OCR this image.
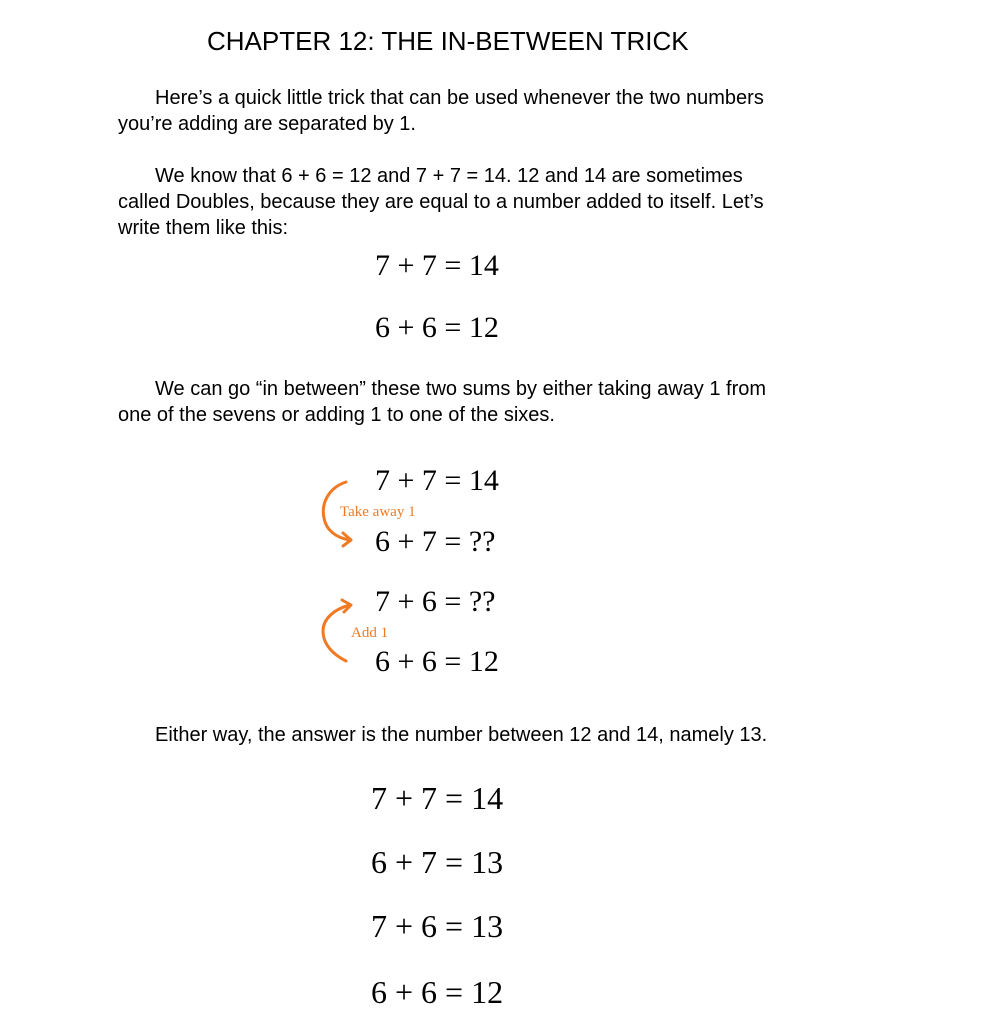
CHAPTER 12: THE IN-BETWEEN TRICK

Here’s a quick little trick that can be used whenever the two numbers
you’re adding are separated by 1.

We know that 6 + 6 = 12 and 7 + 7 = 14. 12 and 14 are sometimes
called Doubles, because they are equal to a number added to itself. Let’s
write them like this:

7 + 7 = 14
6 + 6 = 12

We can go “in between” these two sums by either taking away 1 from
one of the sevens or adding 1 to one of the sixes.

7 + 7 = 14
6 + 7 = ??
7 + 6 = ??
6 + 6 = 12
Take away 1
Add 1

Either way, the answer is the number between 12 and 14, namely 13.

7 + 7 = 14
6 + 7 = 13
7 + 6 = 13
6 + 6 = 12
